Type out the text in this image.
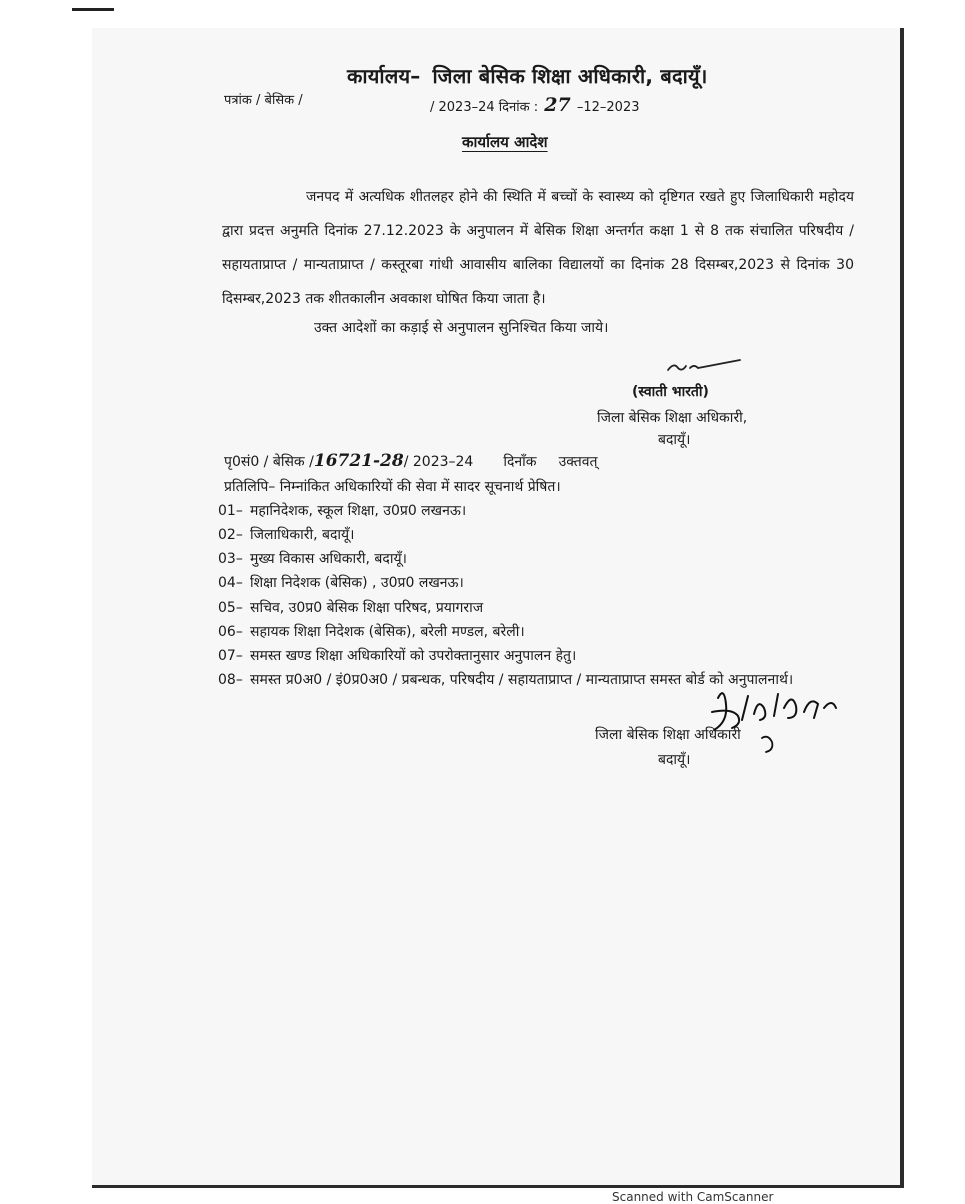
कार्यालय– जिला बेसिक शिक्षा अधिकारी, बदायूँ।
पत्रांक / बेसिक /	/ 2023–24 दिनांक : 27 –12–2023
कार्यालय आदेश
जनपद में अत्यधिक शीतलहर होने की स्थिति में बच्चों के स्वास्थ्य को दृष्टिगत रखते हुए जिलाधिकारी महोदय द्वारा प्रदत्त अनुमति दिनांक 27.12.2023 के अनुपालन में बेसिक शिक्षा अन्तर्गत कक्षा 1 से 8 तक संचालित परिषदीय / सहायताप्राप्त / मान्यताप्राप्त / कस्तूरबा गांधी आवासीय बालिका विद्यालयों का दिनांक 28 दिसम्बर,2023 से दिनांक 30 दिसम्बर,2023 तक शीतकालीन अवकाश घोषित किया जाता है।
उक्त आदेशों का कड़ाई से अनुपालन सुनिश्चित किया जाये।
(स्वाती भारती)
जिला बेसिक शिक्षा अधिकारी,
बदायूँ।
पृ0सं0 / बेसिक /16721-28/ 2023–24 दिनाँक उक्तवत्
प्रतिलिपि– निम्नांकित अधिकारियों की सेवा में सादर सूचनार्थ प्रेषित।
01– महानिदेशक, स्कूल शिक्षा, उ0प्र0 लखनऊ।
02– जिलाधिकारी, बदायूँ।
03– मुख्य विकास अधिकारी, बदायूँ।
04– शिक्षा निदेशक (बेसिक) , उ0प्र0 लखनऊ।
05– सचिव, उ0प्र0 बेसिक शिक्षा परिषद, प्रयागराज
06– सहायक शिक्षा निदेशक (बेसिक), बरेली मण्डल, बरेली।
07– समस्त खण्ड शिक्षा अधिकारियों को उपरोक्तानुसार अनुपालन हेतु।
08– समस्त प्र0अ0 / इं0प्र0अ0 / प्रबन्धक, परिषदीय / सहायताप्राप्त / मान्यताप्राप्त समस्त बोर्ड को अनुपालनार्थ।
जिला बेसिक शिक्षा अधिकारी
बदायूँ।
Scanned with CamScanner
